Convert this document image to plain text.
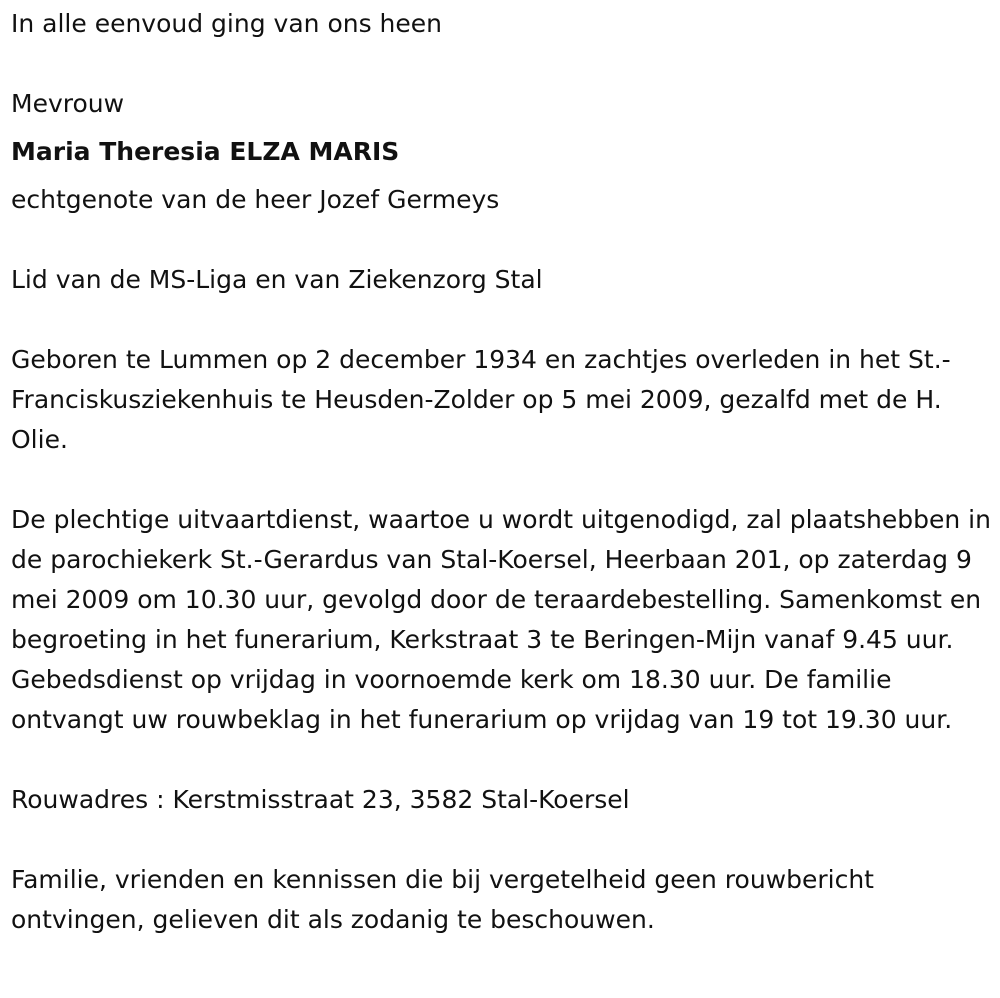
In alle eenvoud ging van ons heen

Mevrouw

Maria Theresia ELZA MARIS

echtgenote van de heer Jozef Germeys

Lid van de MS-Liga en van Ziekenzorg Stal

Geboren te Lummen op 2 december 1934 en zachtjes overleden in het St.-Franciskusziekenhuis te Heusden-Zolder op 5 mei 2009, gezalfd met de H. Olie.

De plechtige uitvaartdienst, waartoe u wordt uitgenodigd, zal plaatshebben in de parochiekerk St.-Gerardus van Stal-Koersel, Heerbaan 201, op zaterdag 9 mei 2009 om 10.30 uur, gevolgd door de teraardebestelling. Samenkomst en begroeting in het funerarium, Kerkstraat 3 te Beringen-Mijn vanaf 9.45 uur. Gebedsdienst op vrijdag in voornoemde kerk om 18.30 uur. De familie ontvangt uw rouwbeklag in het funerarium op vrijdag van 19 tot 19.30 uur.

Rouwadres : Kerstmisstraat 23, 3582 Stal-Koersel

Familie, vrienden en kennissen die bij vergetelheid geen rouwbericht ontvingen, gelieven dit als zodanig te beschouwen.
